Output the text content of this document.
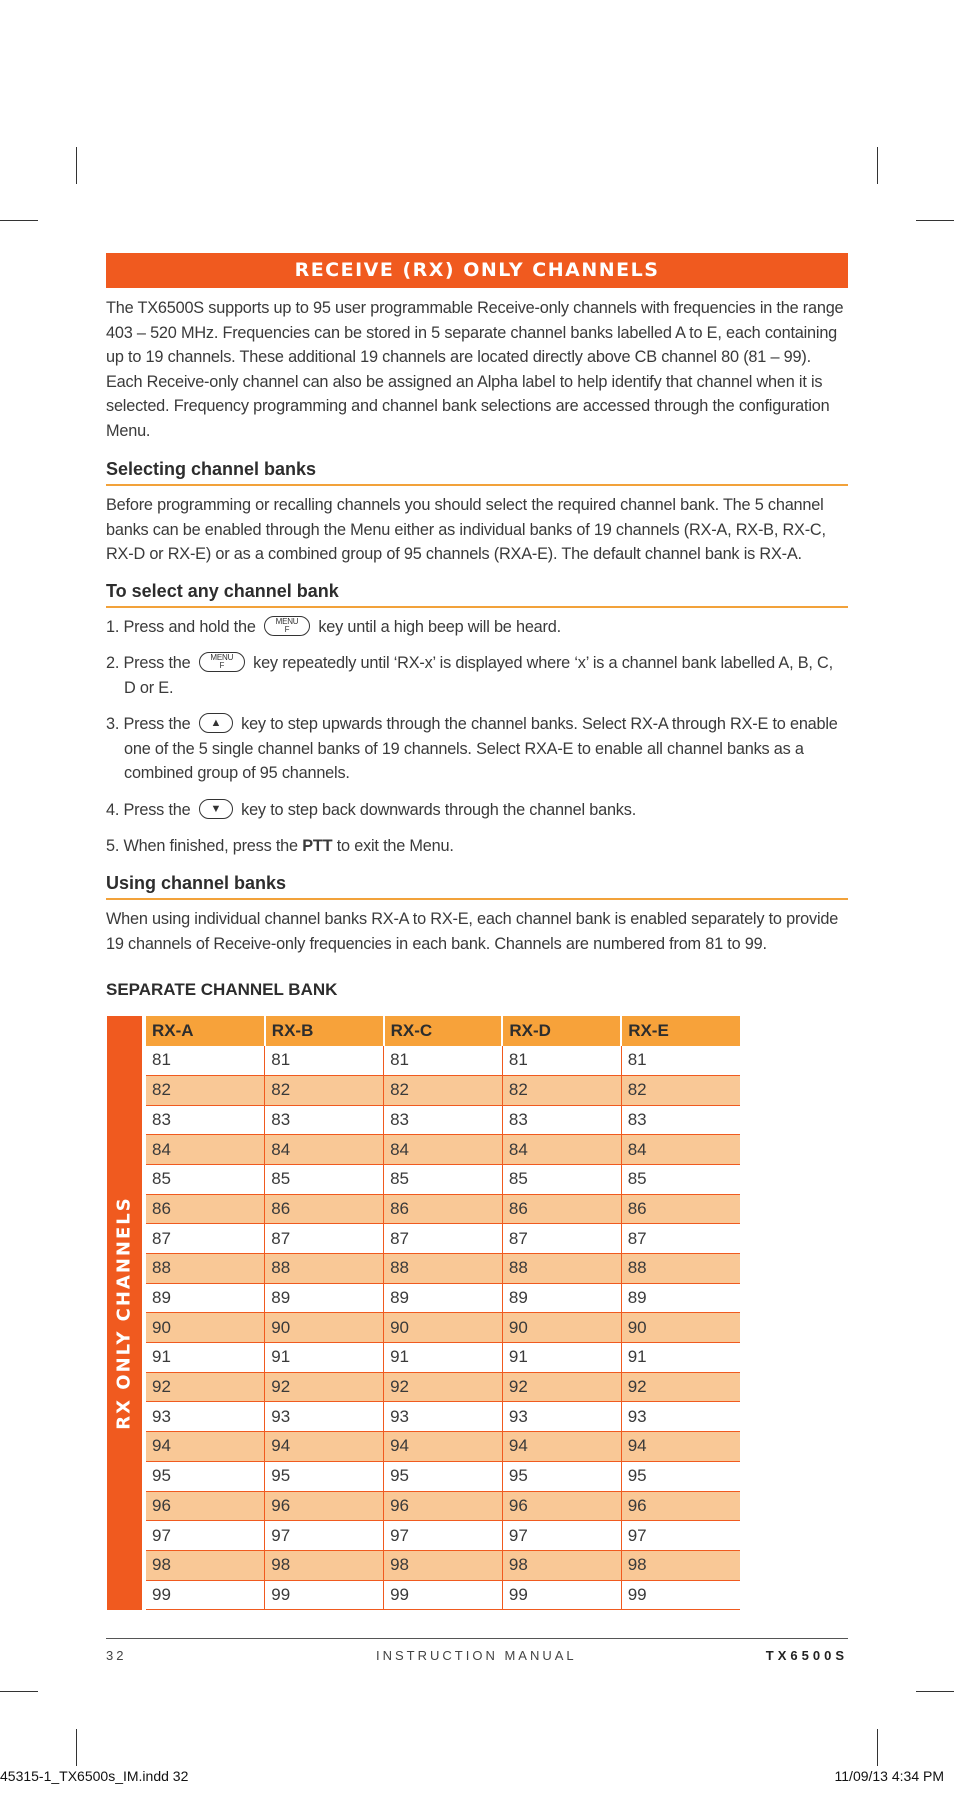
RECEIVE (RX) ONLY CHANNELS

The TX6500S supports up to 95 user programmable Receive-only channels with frequencies in the range 403 – 520 MHz. Frequencies can be stored in 5 separate channel banks labelled A to E, each containing up to 19 channels. These additional 19 channels are located directly above CB channel 80 (81 – 99). Each Receive-only channel can also be assigned an Alpha label to help identify that channel when it is selected. Frequency programming and channel bank selections are accessed through the configuration Menu.

Selecting channel banks

Before programming or recalling channels you should select the required channel bank. The 5 channel banks can be enabled through the Menu either as individual banks of 19 channels (RX-A, RX-B, RX-C, RX-D or RX-E) or as a combined group of 95 channels (RXA-E). The default channel bank is RX-A.

To select any channel bank
1. Press and hold the MENU
F key until a high beep will be heard.
2. Press the MENU
F key repeatedly until ‘RX-x’ is displayed where ‘x’ is a channel bank labelled A, B, C,
D or E.
3. Press the ▲ key to step upwards through the channel banks. Select RX-A through RX-E to enable
one of the 5 single channel banks of 19 channels. Select RXA-E to enable all channel banks as a combined group of 95 channels.
4. Press the ▼ key to step back downwards through the channel banks.
5. When finished, press the PTT to exit the Menu.
Using channel banks

When using individual channel banks RX-A to RX-E, each channel bank is enabled separately to provide 19 channels of Receive-only frequencies in each bank. Channels are numbered from 81 to 99.

SEPARATE CHANNEL BANK
RX ONLY CHANNELS
RX-A	RX-B	RX-C	RX-D	RX-E
81	81	81	81	81
82	82	82	82	82
83	83	83	83	83
84	84	84	84	84
85	85	85	85	85
86	86	86	86	86
87	87	87	87	87
88	88	88	88	88
89	89	89	89	89
90	90	90	90	90
91	91	91	91	91
92	92	92	92	92
93	93	93	93	93
94	94	94	94	94
95	95	95	95	95
96	96	96	96	96
97	97	97	97	97
98	98	98	98	98
99	99	99	99	99
32	INSTRUCTION MANUAL	TX6500S
45315-1_TX6500s_IM.indd 32	11/09/13 4:34 PM
